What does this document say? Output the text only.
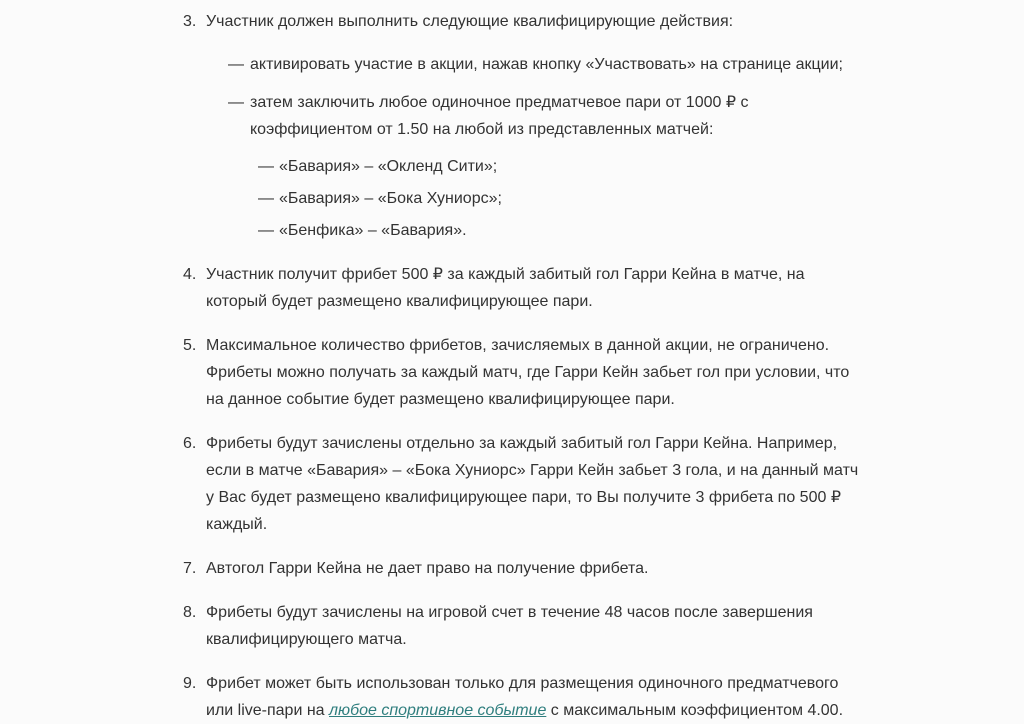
3. Участник должен выполнить следующие квалифицирующие действия:
— активировать участие в акции, нажав кнопку «Участвовать» на странице акции;
— затем заключить любое одиночное предматчевое пари от 1000 ₽ с коэффициентом от 1.50 на любой из представленных матчей:
— «Бавария» – «Окленд Сити»;
— «Бавария» – «Бока Хуниорс»;
— «Бенфика» – «Бавария».
4. Участник получит фрибет 500 ₽ за каждый забитый гол Гарри Кейна в матче, на который будет размещено квалифицирующее пари.
5. Максимальное количество фрибетов, зачисляемых в данной акции, не ограничено. Фрибеты можно получать за каждый матч, где Гарри Кейн забьет гол при условии, что на данное событие будет размещено квалифицирующее пари.
6. Фрибеты будут зачислены отдельно за каждый забитый гол Гарри Кейна. Например, если в матче «Бавария» – «Бока Хуниорс» Гарри Кейн забьет 3 гола, и на данный матч у Вас будет размещено квалифицирующее пари, то Вы получите 3 фрибета по 500 ₽ каждый.
7. Автогол Гарри Кейна не дает право на получение фрибета.
8. Фрибеты будут зачислены на игровой счет в течение 48 часов после завершения квалифицирующего матча.
9. Фрибет может быть использован только для размещения одиночного предматчевого или live-пари на любое спортивное событие с максимальным коэффициентом 4.00.
